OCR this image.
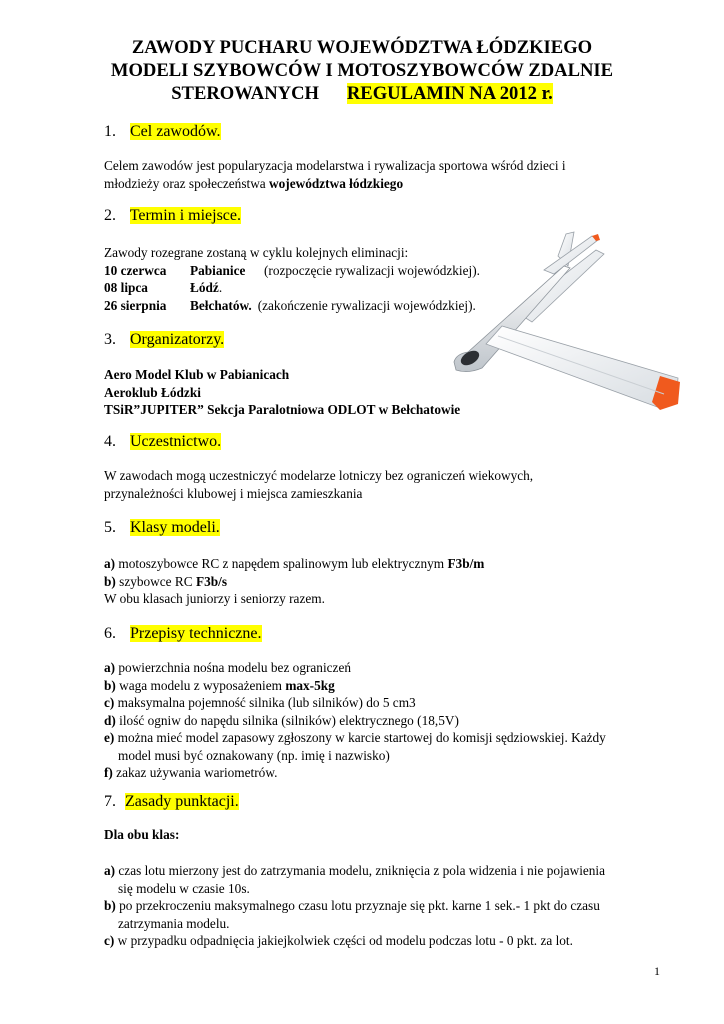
ZAWODY PUCHARU WOJEWÓDZTWA ŁÓDZKIEGO
MODELI SZYBOWCÓW I MOTOSZYBOWCÓW ZDALNIE
STEROWANYCH REGULAMIN NA 2012 r.
1. Cel zawodów.
Celem zawodów jest popularyzacja modelarstwa i rywalizacja sportowa wśród dzieci i
młodzieży oraz społeczeństwa województwa łódzkiego
2. Termin i miejsce.
Zawody rozegrane zostaną w cyklu kolejnych eliminacji:
10 czerwca Pabianice (rozpoczęcie rywalizacji wojewódzkiej).
08 lipca	Łódź.
26 sierpnia Bełchatów. (zakończenie rywalizacji wojewódzkiej).
3. Organizatorzy.
Aero Model Klub w Pabianicach
Aeroklub Łódzki
TSiR”JUPITER” Sekcja Paralotniowa ODLOT w Bełchatowie
4. Uczestnictwo.
W zawodach mogą uczestniczyć modelarze lotniczy bez ograniczeń wiekowych,
przynależności klubowej i miejsca zamieszkania
5. Klasy modeli.
a) motoszybowce RC z napędem spalinowym lub elektrycznym F3b/m
b) szybowce RC F3b/s
W obu klasach juniorzy i seniorzy razem.
6. Przepisy techniczne.
a) powierzchnia nośna modelu bez ograniczeń
b) waga modelu z wyposażeniem max-5kg
c) maksymalna pojemność silnika (lub silników) do 5 cm3
d) ilość ogniw do napędu silnika (silników) elektrycznego (18,5V)
e) można mieć model zapasowy zgłoszony w karcie startowej do komisji sędziowskiej. Każdy
model musi być oznakowany (np. imię i nazwisko)
f) zakaz używania wariometrów.
7. Zasady punktacji.
Dla obu klas:
a) czas lotu mierzony jest do zatrzymania modelu, zniknięcia z pola widzenia i nie pojawienia
się modelu w czasie 10s.
b) po przekroczeniu maksymalnego czasu lotu przyznaje się pkt. karne 1 sek.- 1 pkt do czasu
zatrzymania modelu.
c) w przypadku odpadnięcia jakiejkolwiek części od modelu podczas lotu - 0 pkt. za lot.
1
